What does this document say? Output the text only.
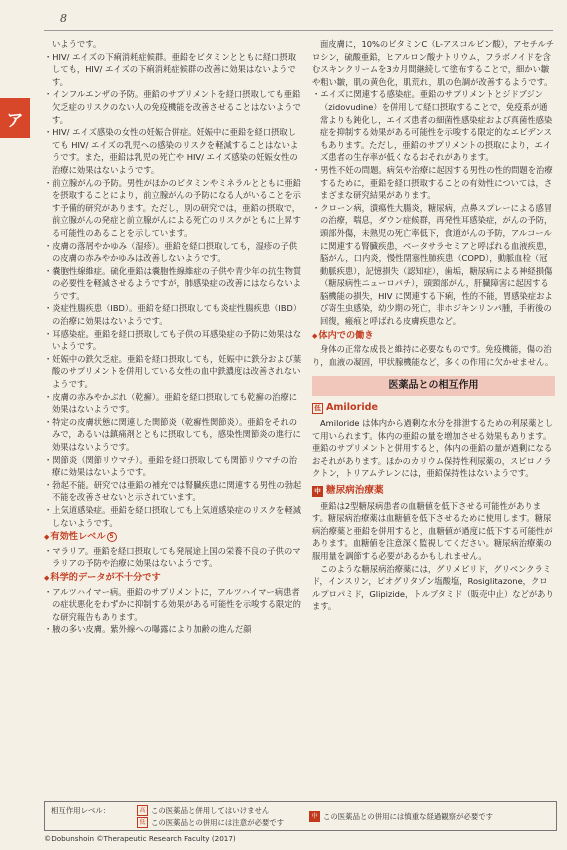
8
ア

いようです。

・HIV/ エイズの下痢消耗症候群。亜鉛をビタミンとともに経口摂取しても，HIV/ エイズの下痢消耗症候群の改善に効果はないようです。

・インフルエンザの予防。亜鉛のサプリメントを経口摂取しても亜鉛欠乏症のリスクのない人の免疫機能を改善させることはないようです。

・HIV/ エイズ感染の女性の妊娠合併症。妊娠中に亜鉛を経口摂取しても HIV/ エイズの乳児への感染のリスクを軽減することはないようです。また，亜鉛は乳児の死亡や HIV/ エイズ感染の妊娠女性の治療に効果はないようです。

・前立腺がんの予防。男性がほかのビタミンやミネラルとともに亜鉛を摂取することにより，前立腺がんの予防になる人がいることを示す予備的研究があります。ただし，別の研究では，亜鉛の摂取で，前立腺がんの発症と前立腺がんによる死亡のリスクがともに上昇する可能性のあることを示しています。

・皮膚の落屑やかゆみ（湿疹）。亜鉛を経口摂取しても，湿疹の子供の皮膚の赤みやかゆみは改善しないようです。

・嚢胞性線維症。硫化亜鉛は嚢胞性線維症の子供や青少年の抗生物質の必要性を軽減させるようですが，肺感染症の改善にはならないようです。

・炎症性腸疾患（IBD）。亜鉛を経口摂取しても炎症性腸疾患（IBD）の治療に効果はないようです。

・耳感染症。亜鉛を経口摂取しても子供の耳感染症の予防に効果はないようです。

・妊娠中の鉄欠乏症。亜鉛を経口摂取しても，妊娠中に鉄分および葉酸のサプリメントを併用している女性の血中鉄濃度は改善されないようです。

・皮膚の赤みやかぶれ（乾癬）。亜鉛を経口摂取しても乾癬の治療に効果はないようです。

・特定の皮膚状態に関連した関節炎（乾癬性関節炎）。亜鉛をそれのみで，あるいは鎮痛剤とともに摂取しても，感染性関節炎の進行に効果はないようです。

・関節炎（関節リウマチ）。亜鉛を経口摂取しても関節リウマチの治療に効果はないようです。

・勃起不能。研究では亜鉛の補充では腎臓疾患に関連する男性の勃起不能を改善させないと示されています。

・上気道感染症。亜鉛を経口摂取しても上気道感染症のリスクを軽減しないようです。

◆有効性レベル 5

・マラリア。亜鉛を経口摂取しても発展途上国の栄養不良の子供のマラリアの予防や治療に効果はないようです。

◆科学的データが不十分です

・アルツハイマー病。亜鉛のサプリメントに，アルツハイマー病患者の症状悪化をわずかに抑制する効果がある可能性を示唆する限定的な研究報告もあります。

・腋の多い皮膚。紫外線への曝露により加齢の進んだ顔

面皮膚に，10%のビタミンC（L-アスコルビン酸），アセチルチロシン，硫酸亜鉛，ヒアルロン酸ナトリウム，フラボノイドを含むスキンクリームを3カ月間継続して塗布することで，細かい皺や粗い皺，肌の黄色化，肌荒れ，肌の色調が改善するようです。

・エイズに関連する感染症。亜鉛のサプリメントとジドブジン（zidovudine）を併用して経口摂取することで，免疫系が通常よりも鈍化し，エイズ患者の細菌性感染症および真菌性感染症を抑制する効果がある可能性を示唆する限定的なエビデンスもあります。ただし，亜鉛のサプリメントの摂取により，エイズ患者の生存率が低くなるおそれがあります。

・男性不妊の問題。病気や治療に起因する男性の性的問題を治療するために，亜鉛を経口摂取することの有効性については，さまざまな研究結果があります。

・クローン病，潰瘍性大腸炎，糖尿病，点鼻スプレーによる感冒の治療，喘息，ダウン症候群，再発性耳感染症，がんの予防，頭部外傷，未熟児の死亡率低下，食道がんの予防，アルコールに関連する腎臓疾患，ベータサラセミアと呼ばれる血液疾患，脳がん，口内炎，慢性閉塞性肺疾患（COPD），動脈血栓（冠動脈疾患），記憶損失（認知症），歯垢，糖尿病による神経損傷（糖尿病性ニューロパチ），頭頸部がん，肝臓障害に起因する脳機能の損失，HIV に関連する下痢，性的不能，胃感染症および寄生虫感染，幼少期の死亡，非ホジキンリンパ腫，手術後の回復，瘢痕と呼ばれる皮膚疾患など。

◆体内での働き

身体の正常な成長と維持に必要なものです。免疫機能，傷の治り，血液の凝固，甲状腺機能など，多くの作用に欠かせません。

医薬品との相互作用
低 Amiloride

Amiloride は体内から過剰な水分を排泄するための利尿薬として用いられます。体内の亜鉛の量を増加させる効果もあります。亜鉛のサプリメントと併用すると，体内の亜鉛の量が過剰になるおそれがあります。ほかのカリウム保持性利尿薬の，スピロノラクトン，トリアムテレンには，亜鉛保持性はないようです。

中 糖尿病治療薬

亜鉛は2型糖尿病患者の血糖値を低下させる可能性があります。糖尿病治療薬は血糖値を低下させるために使用します。糖尿病治療薬と亜鉛を併用すると，血糖値が過度に低下する可能性があります。血糖値を注意深く監視してください。糖尿病治療薬の服用量を調節する必要があるかもしれません。

このような糖尿病治療薬には，グリメピリド，グリベンクラミド，インスリン，ピオグリタゾン塩酸塩，Rosiglitazone，クロルプロパミド，Glipizide，トルブタミド（販売中止）などがあります。

相互作用レベル：	高 この医薬品と併用してはいけません
低 この医薬品との併用には注意が必要です
中 この医薬品との併用には慎重な経過観察が必要です
©Dobunshoin ©Therapeutic Research Faculty (2017)
